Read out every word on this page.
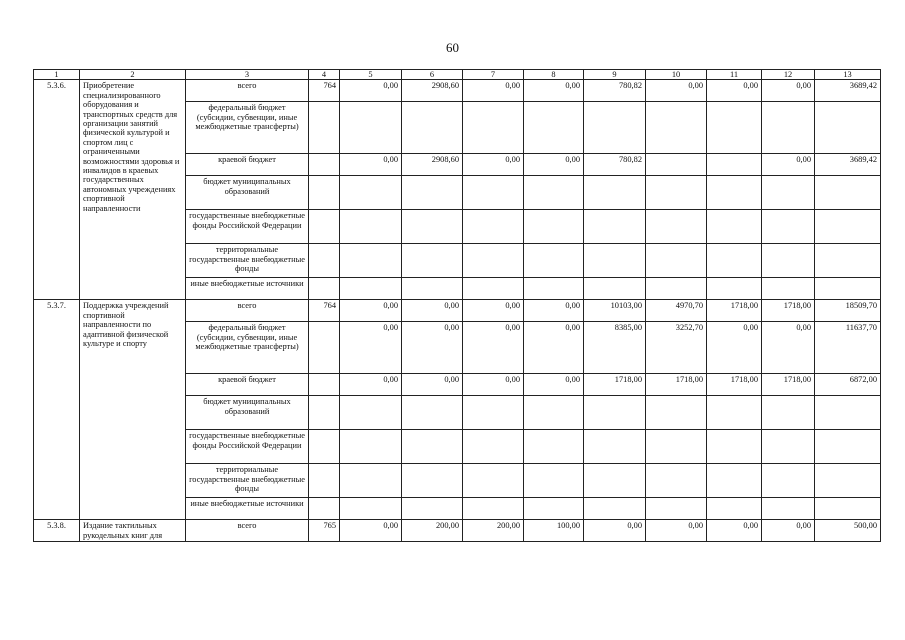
60
1	2	3	4	5	6	7	8	9	10	11	12	13
5.3.6.	Приобретение специализированного оборудования и транспортных средств для организации занятий физической культурой и спортом лиц с ограниченными возможностями здоровья и инвалидов в краевых государственных автономных учреждениях спортивной направленности	всего	764	0,00	2908,60	0,00	0,00	780,82	0,00	0,00	0,00	3689,42
		федеральный бюджет (субсидии, субвенции, иные межбюджетные трансферты)										
		краевой бюджет		0,00	2908,60	0,00	0,00	780,82			0,00	3689,42
		бюджет муниципальных образований										
		государственные внебюджетные фонды Российской Федерации										
		территориальные государственные внебюджетные фонды										
		иные внебюджетные источники										
5.3.7.	Поддержка учреждений спортивной направленности по адаптивной физической культуре и спорту	всего	764	0,00	0,00	0,00	0,00	10103,00	4970,70	1718,00	1718,00	18509,70
		федеральный бюджет (субсидии, субвенции, иные межбюджетные трансферты)		0,00	0,00	0,00	0,00	8385,00	3252,70	0,00	0,00	11637,70
		краевой бюджет		0,00	0,00	0,00	0,00	1718,00	1718,00	1718,00	1718,00	6872,00
		бюджет муниципальных образований										
		государственные внебюджетные фонды Российской Федерации										
		территориальные государственные внебюджетные фонды										
		иные внебюджетные источники										
5.3.8.	Издание тактильных рукодельных книг для	всего	765	0,00	200,00	200,00	100,00	0,00	0,00	0,00	0,00	500,00
